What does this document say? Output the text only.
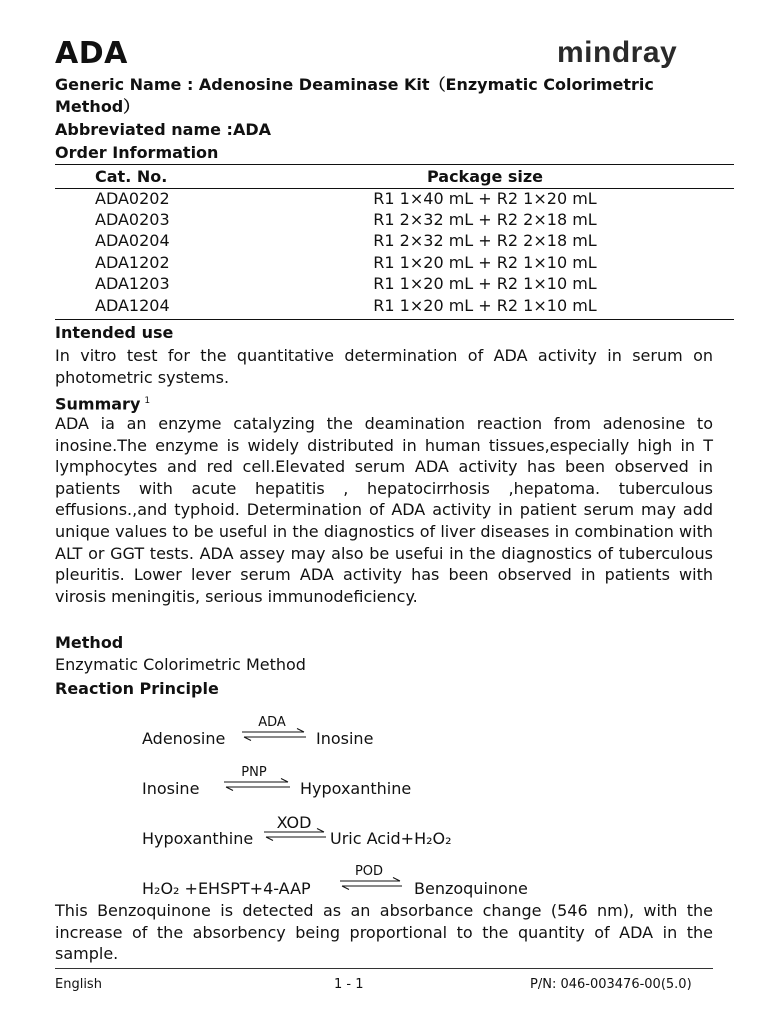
ADA	mindray
Generic Name : Adenosine Deaminase Kit（Enzymatic Colorimetric Method）
Abbreviated name :ADA
Order Information
Cat. No.	Package size
ADA0202	R1 1×40 mL + R2 1×20 mL
ADA0203	R1 2×32 mL + R2 2×18 mL
ADA0204	R1 2×32 mL + R2 2×18 mL
ADA1202	R1 1×20 mL + R2 1×10 mL
ADA1203	R1 1×20 mL + R2 1×10 mL
ADA1204	R1 1×20 mL + R2 1×10 mL
Intended use
In vitro test for the quantitative determination of ADA activity in serum on photometric systems.
Summary $^1$
ADA ia an enzyme catalyzing the deamination reaction from adenosine to inosine.The enzyme is widely distributed in human tissues,especially high in T lymphocytes and red cell.Elevated serum ADA activity has been observed in patients with acute hepatitis , hepatocirrhosis ,hepatoma. tuberculous effusions.,and typhoid. Determination of ADA activity in patient serum may add unique values to be useful in the diagnostics of liver diseases in combination with ALT or GGT tests. ADA assey may also be usefui in the diagnostics of tuberculous pleuritis. Lower lever serum ADA activity has been observed in patients with virosis meningitis, serious immunodeficiency.
Method
Enzymatic Colorimetric Method
Reaction Principle
Adenosine
ADA
Inosine
Inosine
PNP
Hypoxanthine
Hypoxanthine
XOD
Uric Acid+H₂O₂
H₂O₂ +EHSPT+4-AAP
POD
Benzoquinone
This Benzoquinone is detected as an absorbance change (546 nm), with the increase of the absorbency being proportional to the quantity of ADA in the sample.
English	1 - 1	P/N: 046-003476-00(5.0)
